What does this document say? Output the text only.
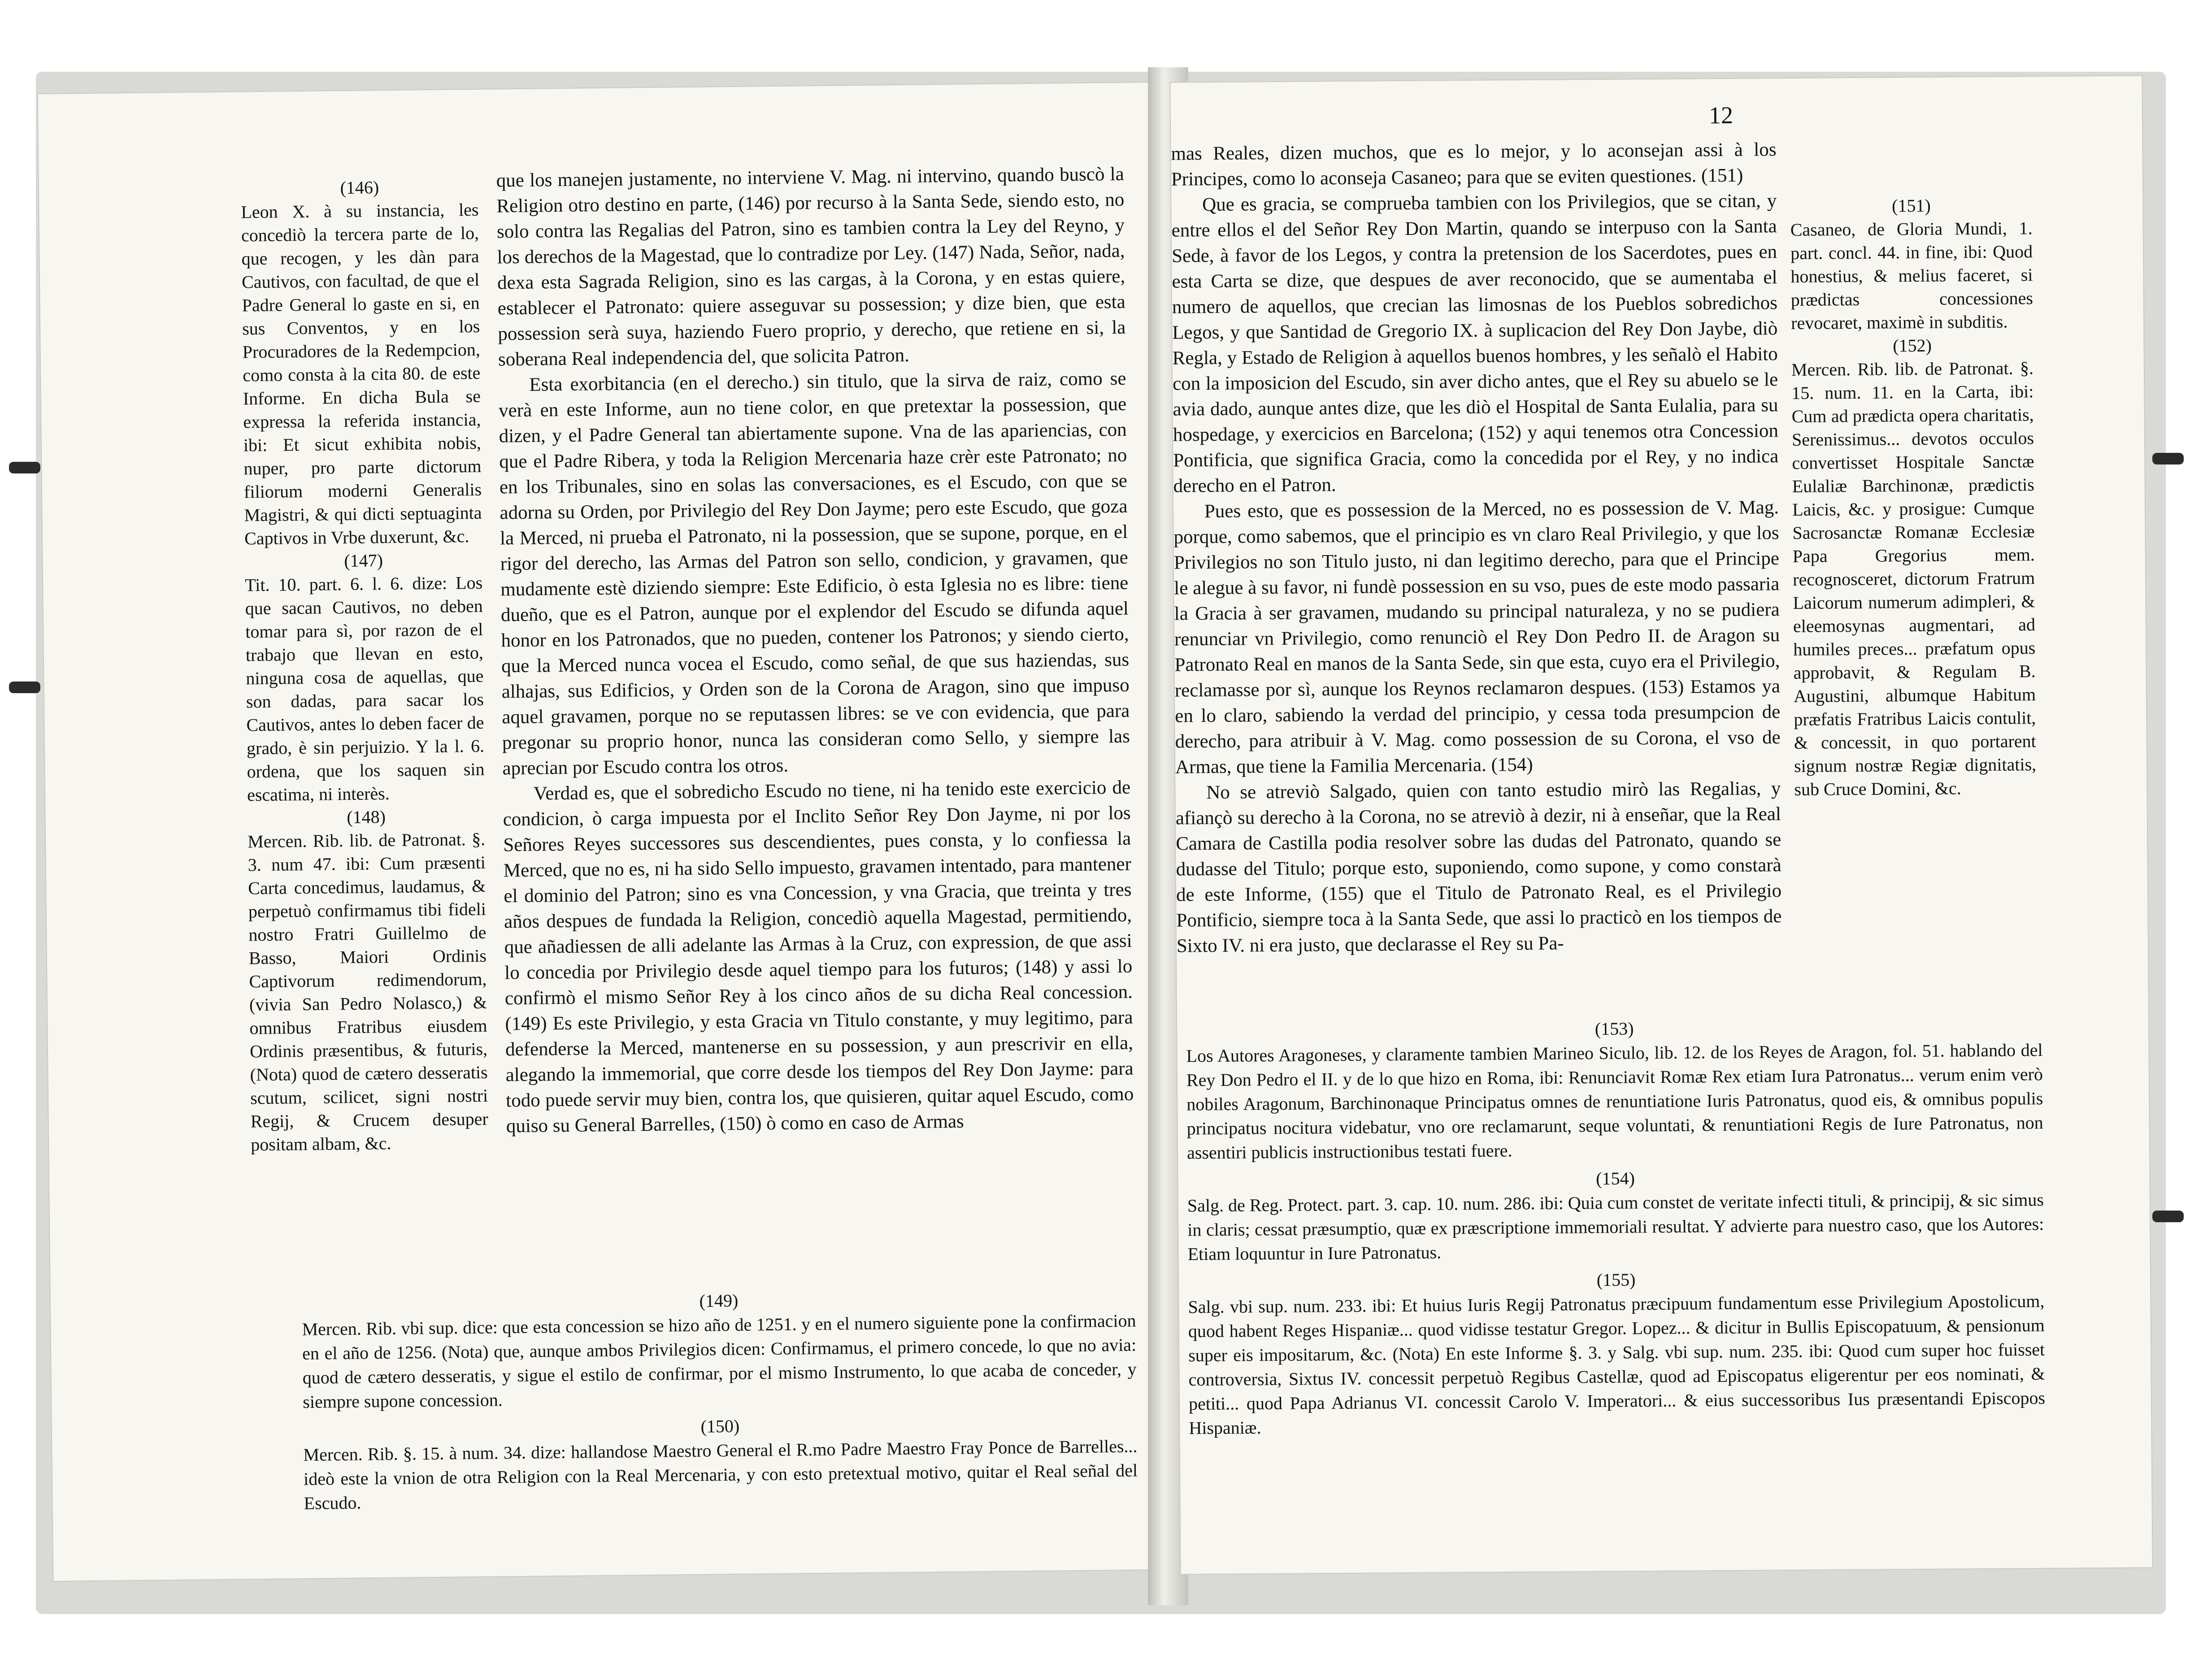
(146)

Leon X. à su instancia, les concediò la tercera parte de lo, que recogen, y les dàn para Cautivos, con facultad, de que el Padre General lo gaste en si, en sus Conventos, y en los Procuradores de la Redempcion, como consta à la cita 80. de este Informe. En dicha Bula se expressa la referida instancia, ibi: Et sicut exhibita nobis, nuper, pro parte dictorum filiorum moderni Generalis Magistri, & qui dicti septuaginta Captivos in Vrbe duxerunt, &c.

(147)

Tit. 10. part. 6. l. 6. dize: Los que sacan Cautivos, no deben tomar para sì, por razon de el trabajo que llevan en esto, ninguna cosa de aquellas, que son dadas, para sacar los Cautivos, antes lo deben facer de grado, è sin perjuizio. Y la l. 6. ordena, que los saquen sin escatima, ni interès.

(148)

Mercen. Rib. lib. de Patronat. §. 3. num 47. ibi: Cum præsenti Carta concedimus, laudamus, & perpetuò confirmamus tibi fideli nostro Fratri Guillelmo de Basso, Maiori Ordinis Captivorum redimendorum, (vivia San Pedro Nolasco,) & omnibus Fratribus eiusdem Ordinis præsentibus, & futuris, (Nota) quod de cætero desseratis scutum, scilicet, signi nostri Regij, & Crucem desuper positam albam, &c.

que los manejen justamente, no interviene V. Mag. ni intervino, quando buscò la Religion otro destino en parte, (146) por recurso à la Santa Sede, siendo esto, no solo contra las Regalias del Patron, sino es tambien contra la Ley del Reyno, y los derechos de la Magestad, que lo contradize por Ley. (147) Nada, Señor, nada, dexa esta Sagrada Religion, sino es las cargas, à la Corona, y en estas quiere, establecer el Patronato: quiere asseguvar su possession; y dize bien, que esta possession serà suya, haziendo Fuero proprio, y derecho, que retiene en si, la soberana Real independencia del, que solicita Patron.

Esta exorbitancia (en el derecho.) sin titulo, que la sirva de raiz, como se verà en este Informe, aun no tiene color, en que pretextar la possession, que dizen, y el Padre General tan abiertamente supone. Vna de las apariencias, con que el Padre Ribera, y toda la Religion Mercenaria haze crèr este Patronato; no en los Tribunales, sino en solas las conversaciones, es el Escudo, con que se adorna su Orden, por Privilegio del Rey Don Jayme; pero este Escudo, que goza la Merced, ni prueba el Patronato, ni la possession, que se supone, porque, en el rigor del derecho, las Armas del Patron son sello, condicion, y gravamen, que mudamente estè diziendo siempre: Este Edificio, ò esta Iglesia no es libre: tiene dueño, que es el Patron, aunque por el explendor del Escudo se difunda aquel honor en los Patronados, que no pueden, contener los Patronos; y siendo cierto, que la Merced nunca vocea el Escudo, como señal, de que sus haziendas, sus alhajas, sus Edificios, y Orden son de la Corona de Aragon, sino que impuso aquel gravamen, porque no se reputassen libres: se ve con evidencia, que para pregonar su proprio honor, nunca las consideran como Sello, y siempre las aprecian por Escudo contra los otros.

Verdad es, que el sobredicho Escudo no tiene, ni ha tenido este exercicio de condicion, ò carga impuesta por el Inclito Señor Rey Don Jayme, ni por los Señores Reyes successores sus descendientes, pues consta, y lo confiessa la Merced, que no es, ni ha sido Sello impuesto, gravamen intentado, para mantener el dominio del Patron; sino es vna Concession, y vna Gracia, que treinta y tres años despues de fundada la Religion, concediò aquella Magestad, permitiendo, que añadiessen de alli adelante las Armas à la Cruz, con expression, de que assi lo concedia por Privilegio desde aquel tiempo para los futuros; (148) y assi lo confirmò el mismo Señor Rey à los cinco años de su dicha Real concession. (149) Es este Privilegio, y esta Gracia vn Titulo constante, y muy legitimo, para defenderse la Merced, mantenerse en su possession, y aun prescrivir en ella, alegando la immemorial, que corre desde los tiempos del Rey Don Jayme: para todo puede servir muy bien, contra los, que quisieren, quitar aquel Escudo, como quiso su General Barrelles, (150) ò como en caso de Armas

(149)

Mercen. Rib. vbi sup. dice: que esta concession se hizo año de 1251. y en el numero siguiente pone la confirmacion en el año de 1256. (Nota) que, aunque ambos Privilegios dicen: Confirmamus, el primero concede, lo que no avia: quod de cætero desseratis, y sigue el estilo de confirmar, por el mismo Instrumento, lo que acaba de conceder, y siempre supone concession.

(150)

Mercen. Rib. §. 15. à num. 34. dize: hallandose Maestro General el R.mo Padre Maestro Fray Ponce de Barrelles... ideò este la vnion de otra Religion con la Real Mercenaria, y con esto pretextual motivo, quitar el Real señal del Escudo.

12

mas Reales, dizen muchos, que es lo mejor, y lo aconsejan assi à los Principes, como lo aconseja Casaneo; para que se eviten questiones. (151)

Que es gracia, se comprueba tambien con los Privilegios, que se citan, y entre ellos el del Señor Rey Don Martin, quando se interpuso con la Santa Sede, à favor de los Legos, y contra la pretension de los Sacerdotes, pues en esta Carta se dize, que despues de aver reconocido, que se aumentaba el numero de aquellos, que crecian las limosnas de los Pueblos sobredichos Legos, y que Santidad de Gregorio IX. à suplicacion del Rey Don Jaybe, diò Regla, y Estado de Religion à aquellos buenos hombres, y les señalò el Habito con la imposicion del Escudo, sin aver dicho antes, que el Rey su abuelo se le avia dado, aunque antes dize, que les diò el Hospital de Santa Eulalia, para su hospedage, y exercicios en Barcelona; (152) y aqui tenemos otra Concession Pontificia, que significa Gracia, como la concedida por el Rey, y no indica derecho en el Patron.

Pues esto, que es possession de la Merced, no es possession de V. Mag. porque, como sabemos, que el principio es vn claro Real Privilegio, y que los Privilegios no son Titulo justo, ni dan legitimo derecho, para que el Principe le alegue à su favor, ni fundè possession en su vso, pues de este modo passaria la Gracia à ser gravamen, mudando su principal naturaleza, y no se pudiera renunciar vn Privilegio, como renunciò el Rey Don Pedro II. de Aragon su Patronato Real en manos de la Santa Sede, sin que esta, cuyo era el Privilegio, reclamasse por sì, aunque los Reynos reclamaron despues. (153) Estamos ya en lo claro, sabiendo la verdad del principio, y cessa toda presumpcion de derecho, para atribuir à V. Mag. como possession de su Corona, el vso de Armas, que tiene la Familia Mercenaria. (154)

No se atreviò Salgado, quien con tanto estudio mirò las Regalias, y afiançò su derecho à la Corona, no se atreviò à dezir, ni à enseñar, que la Real Camara de Castilla podia resolver sobre las dudas del Patronato, quando se dudasse del Titulo; porque esto, suponiendo, como supone, y como constarà de este Informe, (155) que el Titulo de Patronato Real, es el Privilegio Pontificio, siempre toca à la Santa Sede, que assi lo practicò en los tiempos de Sixto IV. ni era justo, que declarasse el Rey su Pa-

(151)

Casaneo, de Gloria Mundi, 1. part. concl. 44. in fine, ibi: Quod honestius, & melius faceret, si prædictas concessiones revocaret, maximè in subditis.

(152)

Mercen. Rib. lib. de Patronat. §. 15. num. 11. en la Carta, ibi: Cum ad prædicta opera charitatis, Serenissimus... devotos occulos convertisset Hospitale Sanctæ Eulaliæ Barchinonæ, prædictis Laicis, &c. y prosigue: Cumque Sacrosanctæ Romanæ Ecclesiæ Papa Gregorius mem. recognosceret, dictorum Fratrum Laicorum numerum adimpleri, & eleemosynas augmentari, ad humiles preces... præfatum opus approbavit, & Regulam B. Augustini, albumque Habitum præfatis Fratribus Laicis contulit, & concessit, in quo portarent signum nostræ Regiæ dignitatis, sub Cruce Domini, &c.

(153)

Los Autores Aragoneses, y claramente tambien Marineo Siculo, lib. 12. de los Reyes de Aragon, fol. 51. hablando del Rey Don Pedro el II. y de lo que hizo en Roma, ibi: Renunciavit Romæ Rex etiam Iura Patronatus... verum enim verò nobiles Aragonum, Barchinonaque Principatus omnes de renuntiatione Iuris Patronatus, quod eis, & omnibus populis principatus nocitura videbatur, vno ore reclamarunt, seque voluntati, & renuntiationi Regis de Iure Patronatus, non assentiri publicis instructionibus testati fuere.

(154)

Salg. de Reg. Protect. part. 3. cap. 10. num. 286. ibi: Quia cum constet de veritate infecti tituli, & principij, & sic simus in claris; cessat præsumptio, quæ ex præscriptione immemoriali resultat. Y advierte para nuestro caso, que los Autores: Etiam loquuntur in Iure Patronatus.

(155)

Salg. vbi sup. num. 233. ibi: Et huius Iuris Regij Patronatus præcipuum fundamentum esse Privilegium Apostolicum, quod habent Reges Hispaniæ... quod vidisse testatur Gregor. Lopez... & dicitur in Bullis Episcopatuum, & pensionum super eis impositarum, &c. (Nota) En este Informe §. 3. y Salg. vbi sup. num. 235. ibi: Quod cum super hoc fuisset controversia, Sixtus IV. concessit perpetuò Regibus Castellæ, quod ad Episcopatus eligerentur per eos nominati, & petiti... quod Papa Adrianus VI. concessit Carolo V. Imperatori... & eius successoribus Ius præsentandi Episcopos Hispaniæ.
